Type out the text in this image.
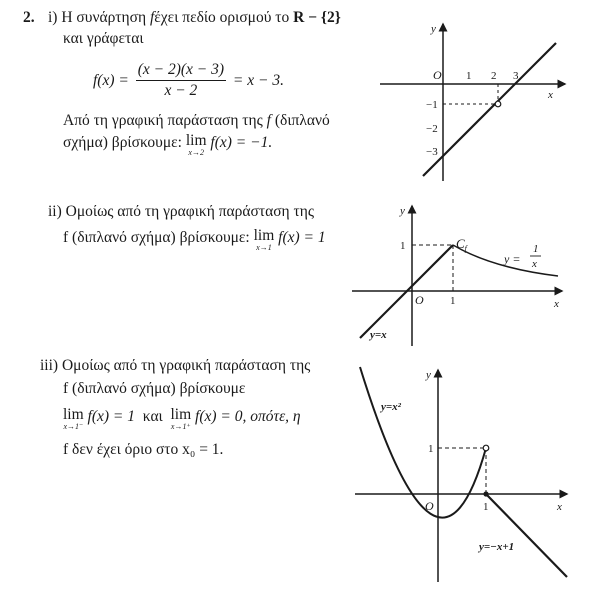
2. i) Η συνάρτηση fέχει πεδίο ορισμού το R − {2}
και γράφεται
$f(x) = \frac{(x - 2)(x - 3)}{x - 2} = x - 3$.
Από τη γραφική παράσταση της f (διπλανό
σχήμα) βρίσκουμε: lim
x→2
f(x) = −1.
ii) Ομοίως από τη γραφική παράσταση της
f (διπλανό σχήμα) βρίσκουμε: lim
x→1
f(x) = 1
iii) Ομοίως από τη γραφική παράσταση της
f (διπλανό σχήμα) βρίσκουμε
lim
x→1⁻
f(x) = 1 και lim
x→1⁺
f(x) = 0, οπότε, η
f δεν έχει όριο στο x₀ = 1.
y
x
O 1 2 3
−1
−2
−3
y
x
O
1
1
$C_f$
y =
1
x
y=x
y
x
O
1
1
y=x²
y=−x+1
